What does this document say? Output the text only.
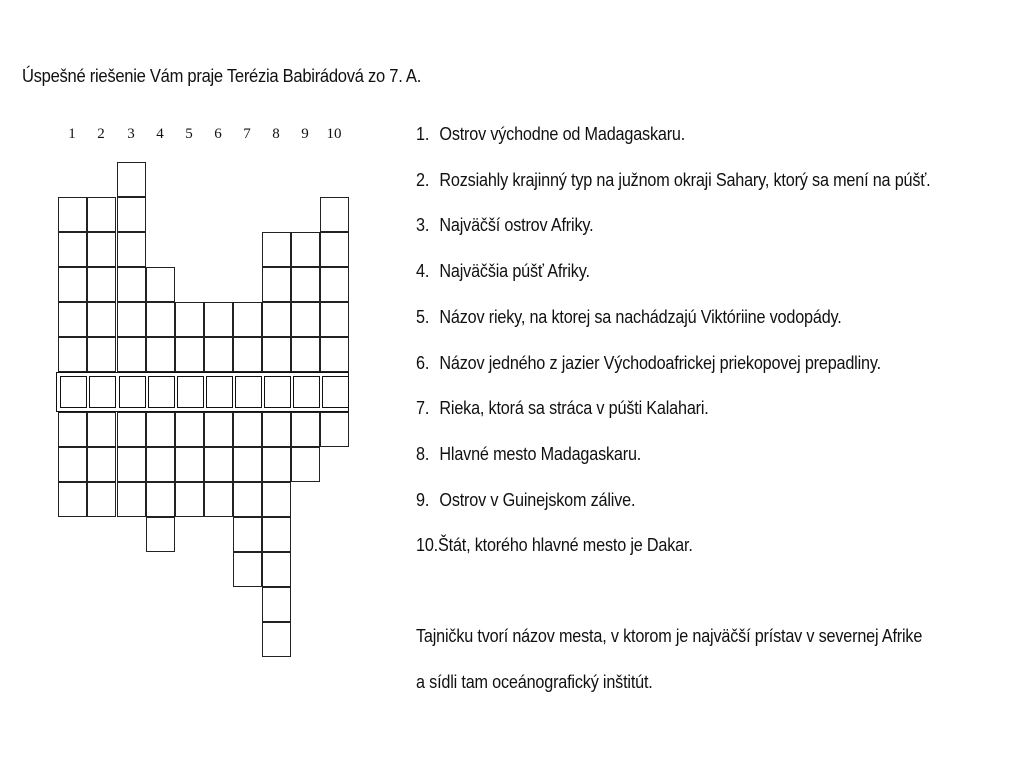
Úspešné riešenie Vám praje Terézia Babirádová zo 7. A.
1	2	3	4	5	6	7	8	9	10	1. Ostrov východne od Madagaskaru.
2. Rozsiahly krajinný typ na južnom okraji Sahary, ktorý sa mení na púšť.
3. Najväčší ostrov Afriky.
4. Najväčšia púšť Afriky.
5. Názov rieky, na ktorej sa nachádzajú Viktóriine vodopády.
6. Názov jedného z jazier Východoafrickej priekopovej prepadliny.
7. Rieka, ktorá sa stráca v púšti Kalahari.
8. Hlavné mesto Madagaskaru.
9. Ostrov v Guinejskom zálive.
10.Štát, ktorého hlavné mesto je Dakar.
Tajničku tvorí názov mesta, v ktorom je najväčší prístav v severnej Afrike
a sídli tam oceánografický inštitút.
